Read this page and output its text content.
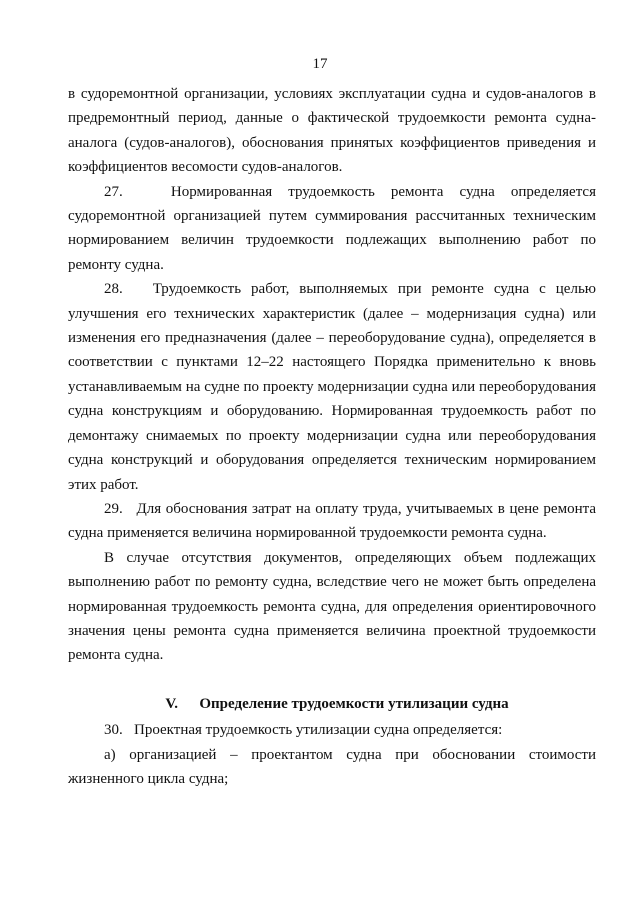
17

в судоремонтной организации, условиях эксплуатации судна и судов-аналогов в предремонтный период, данные о фактической трудоемкости ремонта судна-аналога (судов-аналогов), обоснования принятых коэффициентов приведения и коэффициентов весомости судов-аналогов.

27.   Нормированная трудоемкость ремонта судна определяется судоремонтной организацией путем суммирования рассчитанных техническим нормированием величин трудоемкости подлежащих выполнению работ по ремонту судна.

28.   Трудоемкость работ, выполняемых при ремонте судна с целью улучшения его технических характеристик (далее – модернизация судна) или изменения его предназначения (далее – переоборудование судна), определяется в соответствии с пунктами 12–22 настоящего Порядка применительно к вновь устанавливаемым на судне по проекту модернизации судна или переоборудования судна конструкциям и оборудованию. Нормированная трудоемкость работ по демонтажу снимаемых по проекту модернизации судна или переоборудования судна конструкций и оборудования определяется техническим нормированием этих работ.

29.   Для обоснования затрат на оплату труда, учитываемых в цене ремонта судна применяется величина нормированной трудоемкости ремонта судна.

В случае отсутствия документов, определяющих объем подлежащих выполнению работ по ремонту судна, вследствие чего не может быть определена нормированная трудоемкость ремонта судна, для определения ориентировочного значения цены ремонта судна применяется величина проектной трудоемкости ремонта судна.

V. Определение трудоемкости утилизации судна

30.   Проектная трудоемкость утилизации судна определяется:

а) организацией – проектантом судна при обосновании стоимости жизненного цикла судна;
